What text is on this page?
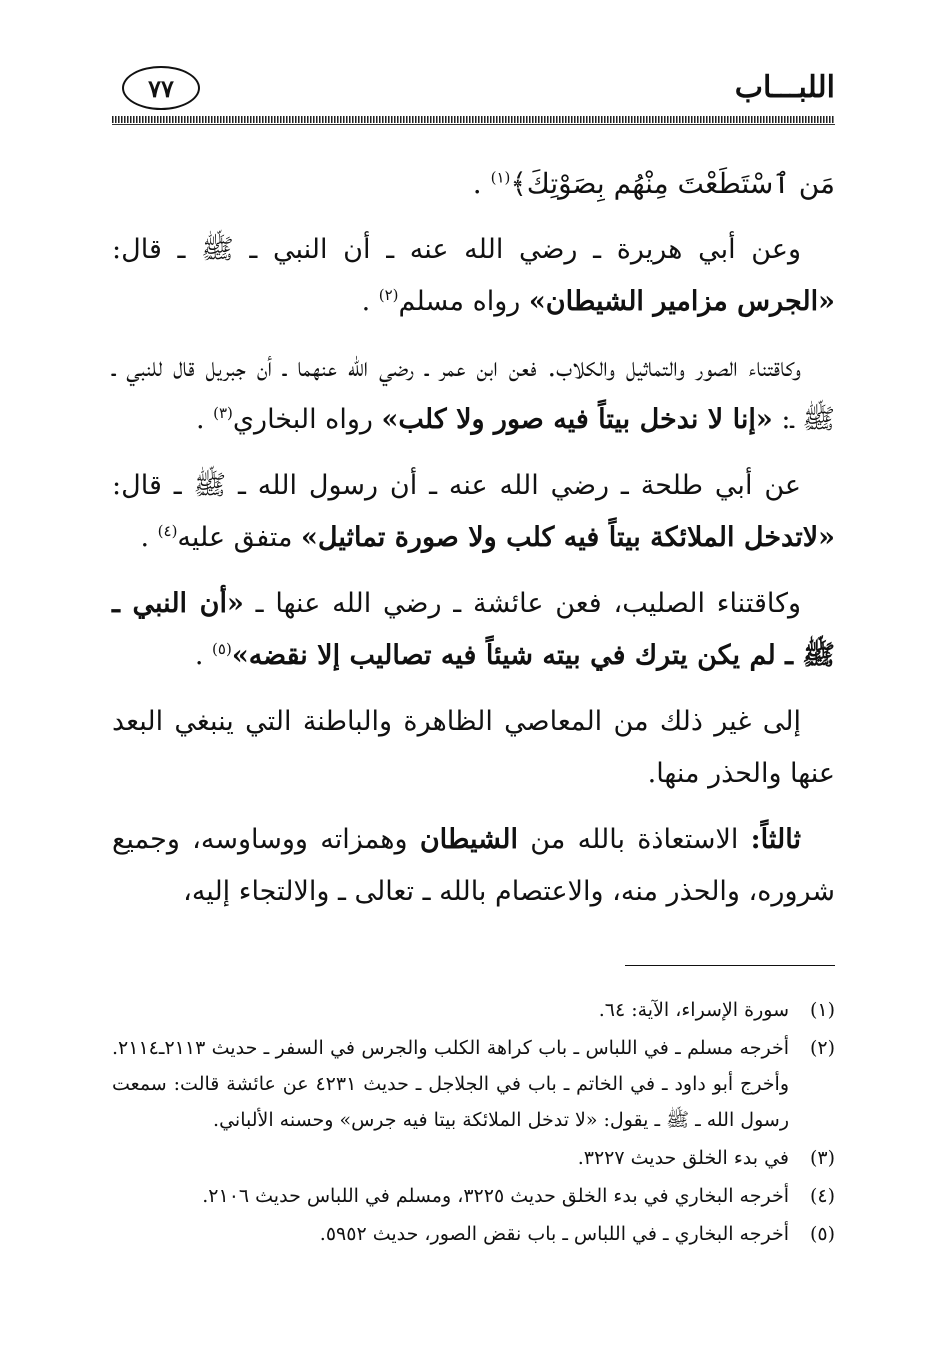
اللبـــاب
٧٧

مَن ٱسْتَطَعْتَ مِنْهُم بِصَوْتِكَ﴾$^{(١)}$ .

وعن أبي هريرة ـ رضي الله عنه ـ أن النبي ـ ﷺ ـ قال: «الجرس مزامير الشيطان» رواه مسلم$^{(٢)}$ .

وكاقتناء الصور والتماثيل والكلاب. فعن ابن عمر ـ رضي الله عنهما ـ أن جبريل قال للنبي ـ ﷺ ـ: «إنا لا ندخل بيتاً فيه صور ولا كلب» رواه البخاري$^{(٣)}$ .

عن أبي طلحة ـ رضي الله عنه ـ أن رسول الله ـ ﷺ ـ قال: «لاتدخل الملائكة بيتاً فيه كلب ولا صورة تماثيل» متفق عليه$^{(٤)}$ .

وكاقتناء الصليب، فعن عائشة ـ رضي الله عنها ـ «أن النبي ـ ﷺ ـ لم يكن يترك في بيته شيئاً فيه تصاليب إلا نقضه»$^{(٥)}$ .

إلى غير ذلك من المعاصي الظاهرة والباطنة التي ينبغي البعد عنها والحذر منها.

ثالثاً: الاستعاذة بالله من الشيطان وهمزاته ووساوسه، وجميع شروره، والحذر منه، والاعتصام بالله ـ تعالى ـ والالتجاء إليه،

(١)
سورة الإسراء، الآية: ٦٤.
(٢)
أخرجه مسلم ـ في اللباس ـ باب كراهة الكلب والجرس في السفر ـ حديث ٢١١٣ـ٢١١٤. وأخرج أبو داود ـ في الخاتم ـ باب في الجلاجل ـ حديث ٤٢٣١ عن عائشة قالت: سمعت رسول الله ـ ﷺ ـ يقول: «لا تدخل الملائكة بيتا فيه جرس» وحسنه الألباني.
(٣)
في بدء الخلق حديث ٣٢٢٧.
(٤)
أخرجه البخاري في بدء الخلق حديث ٣٢٢٥، ومسلم في اللباس حديث ٢١٠٦.
(٥)
أخرجه البخاري ـ في اللباس ـ باب نقض الصور، حديث ٥٩٥٢.
